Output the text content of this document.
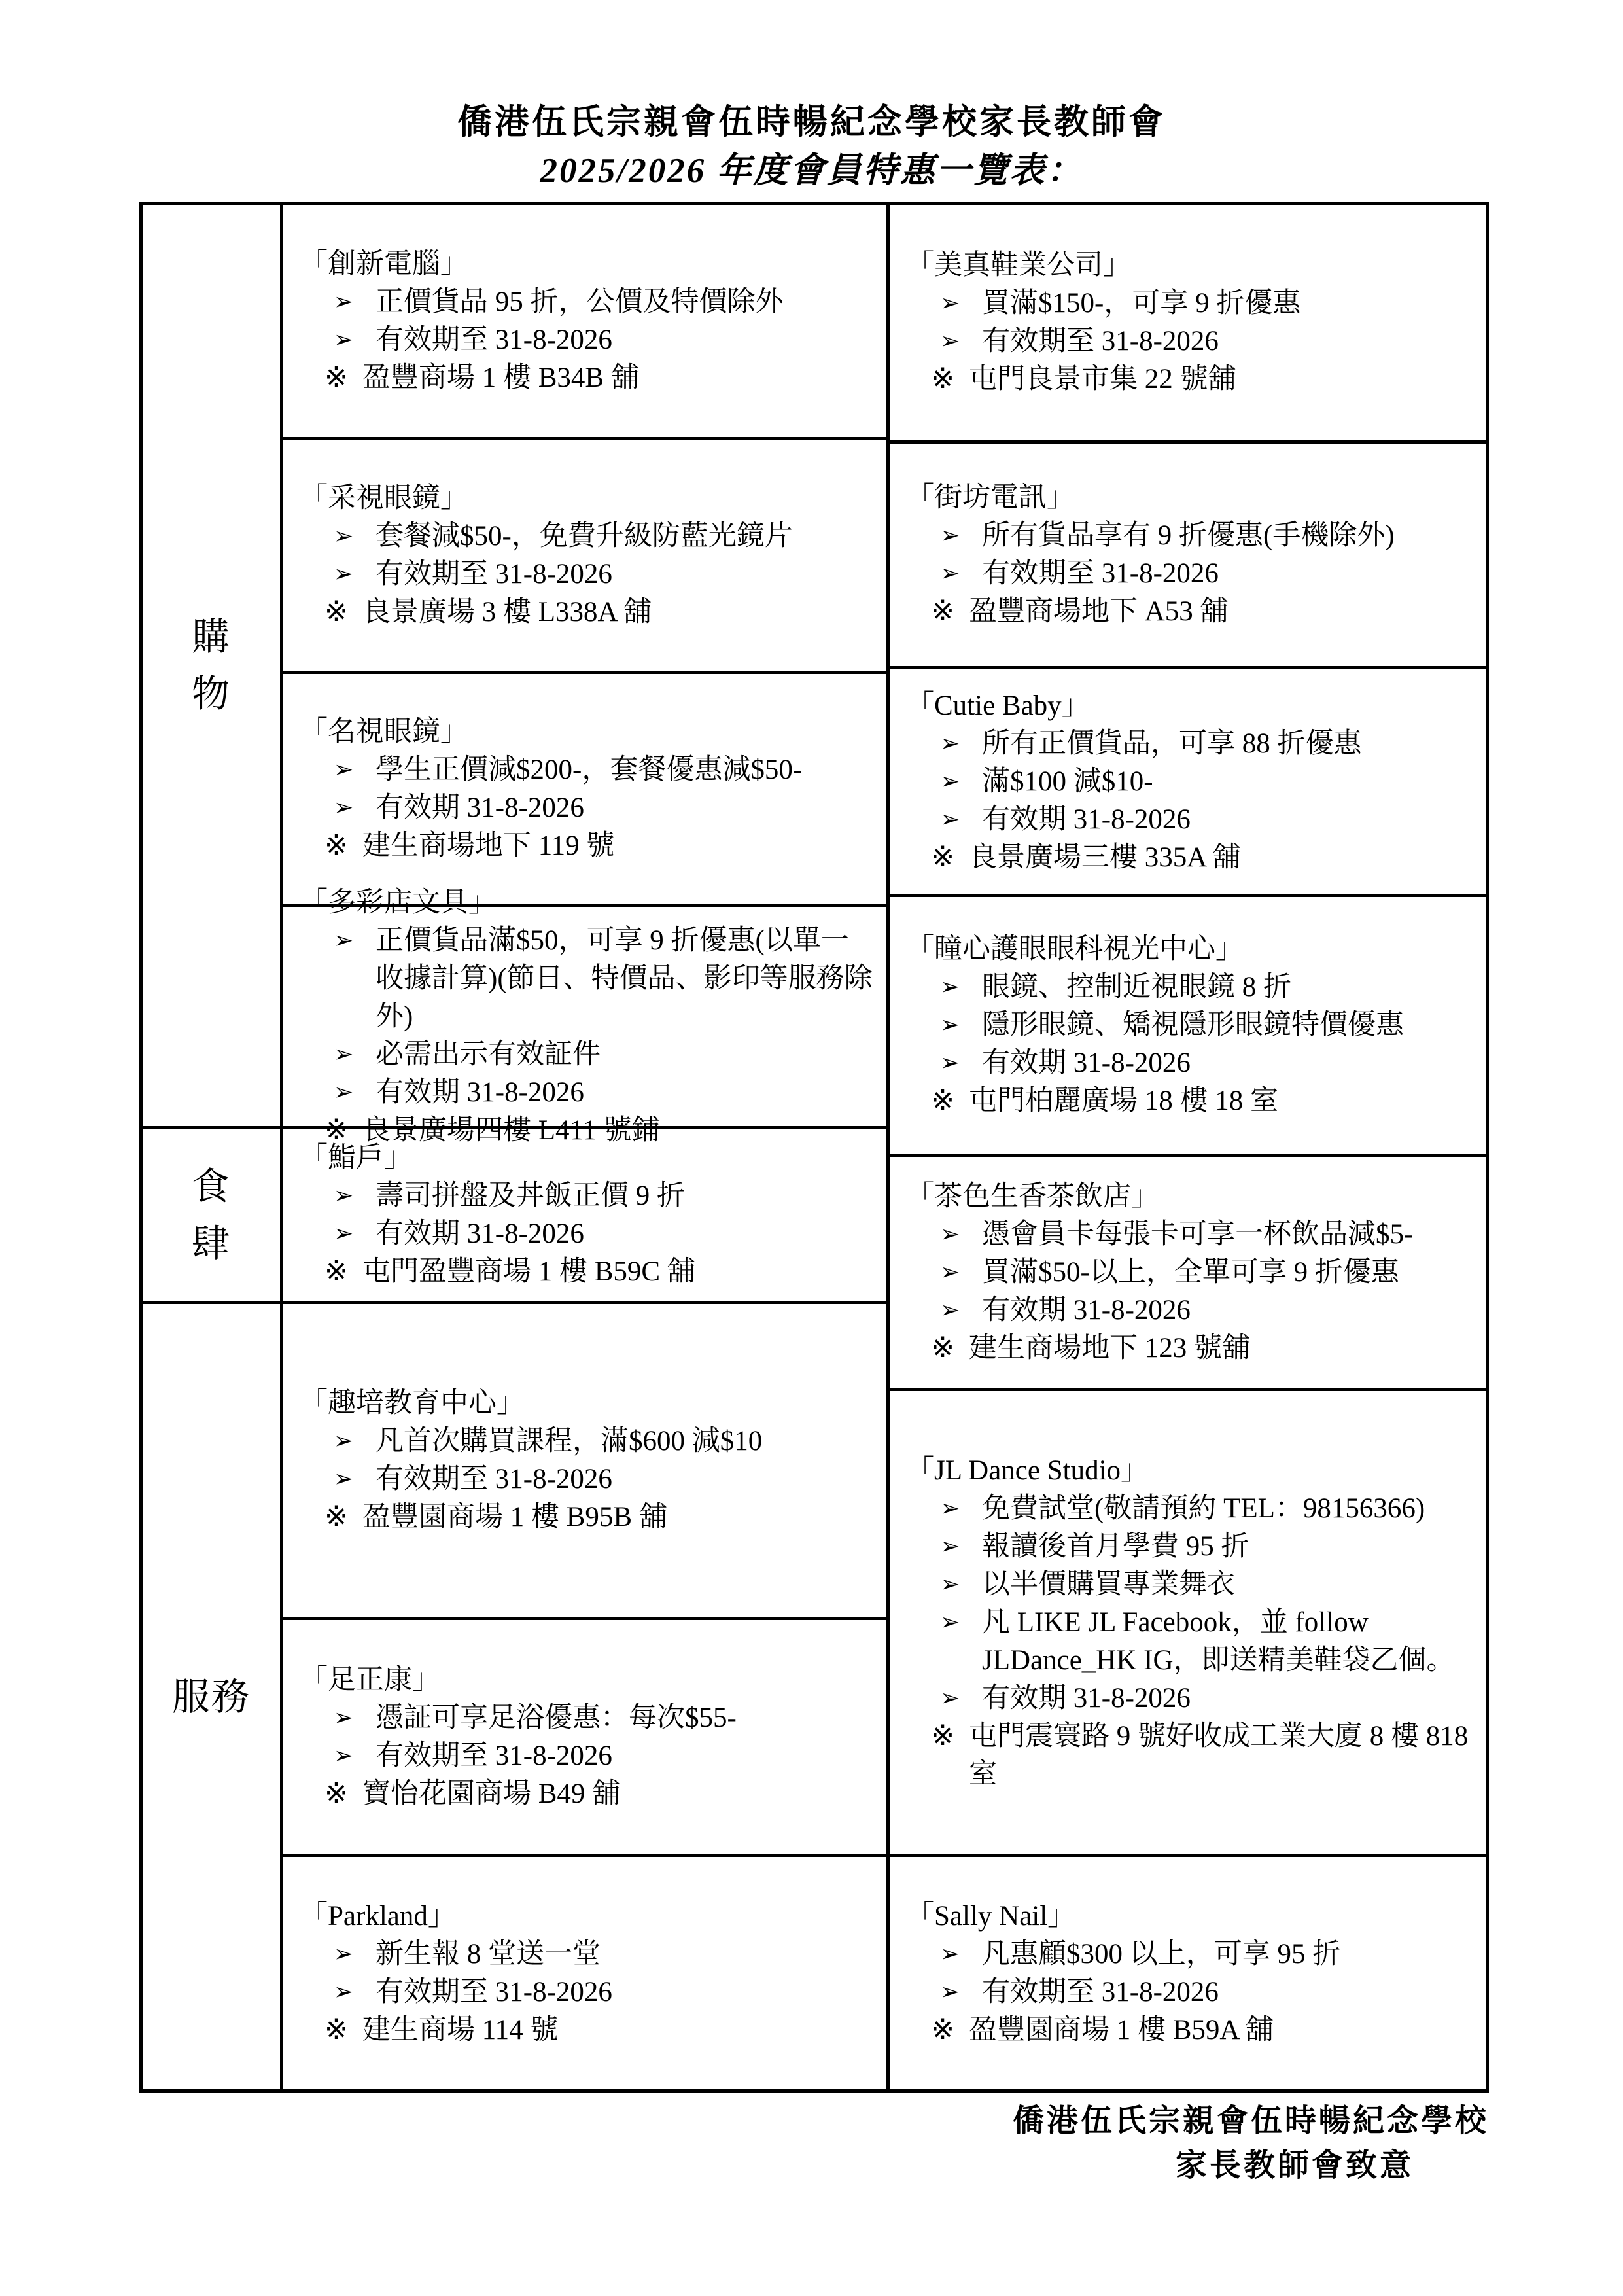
僑港伍氏宗親會伍時暢紀念學校家長教師會
2025/2026 年度會員特惠一覽表：
購
物
食
肆
服務
「創新電腦」
➢ 正價貨品 95 折，公價及特價除外
➢ 有效期至 31-8-2026
※ 盈豐商場 1 樓 B34B 舖
「采視眼鏡」
➢ 套餐減$50-，免費升級防藍光鏡片
➢ 有效期至 31-8-2026
※ 良景廣場 3 樓 L338A 舖
「名視眼鏡」
➢ 學生正價減$200-，套餐優惠減$50-
➢ 有效期 31-8-2026
※ 建生商場地下 119 號
「多彩店文具」
➢ 正價貨品滿$50，可享 9 折優惠(以單一收據計算)(節日、特價品、影印等服務除外)
➢ 必需出示有效証件
➢ 有效期 31-8-2026
※ 良景廣場四樓 L411 號鋪
「鮨戶」
➢ 壽司拼盤及丼飯正價 9 折
➢ 有效期 31-8-2026
※ 屯門盈豐商場 1 樓 B59C 舖
「趣培教育中心」
➢ 凡首次購買課程，滿$600 減$10
➢ 有效期至 31-8-2026
※ 盈豐園商場 1 樓 B95B 舖
「足正康」
➢ 憑証可享足浴優惠：每次$55-
➢ 有效期至 31-8-2026
※ 寶怡花園商場 B49 舖
「Parkland」
➢ 新生報 8 堂送一堂
➢ 有效期至 31-8-2026
※ 建生商場 114 號
「美真鞋業公司」
➢ 買滿$150-，可享 9 折優惠
➢ 有效期至 31-8-2026
※ 屯門良景市集 22 號舖
「街坊電訊」
➢ 所有貨品享有 9 折優惠(手機除外)
➢ 有效期至 31-8-2026
※ 盈豐商場地下 A53 舖
「Cutie Baby」
➢ 所有正價貨品，可享 88 折優惠
➢ 滿$100 減$10-
➢ 有效期 31-8-2026
※ 良景廣場三樓 335A 舖
「瞳心護眼眼科視光中心」
➢ 眼鏡、控制近視眼鏡 8 折
➢ 隱形眼鏡、矯視隱形眼鏡特價優惠
➢ 有效期 31-8-2026
※ 屯門柏麗廣場 18 樓 18 室
「茶色生香茶飲店」
➢ 憑會員卡每張卡可享一杯飲品減$5-
➢ 買滿$50-以上，全單可享 9 折優惠
➢ 有效期 31-8-2026
※ 建生商場地下 123 號舖
「JL Dance Studio」
➢ 免費試堂(敬請預約 TEL：98156366)
➢ 報讀後首月學費 95 折
➢ 以半價購買專業舞衣
➢ 凡 LIKE JL Facebook，並 follow JLDance_HK IG，即送精美鞋袋乙個。
➢ 有效期 31-8-2026
※ 屯門震寰路 9 號好收成工業大廈 8 樓 818 室
「Sally Nail」
➢ 凡惠顧$300 以上，可享 95 折
➢ 有效期至 31-8-2026
※ 盈豐園商場 1 樓 B59A 舖
僑港伍氏宗親會伍時暢紀念學校
家長教師會致意
